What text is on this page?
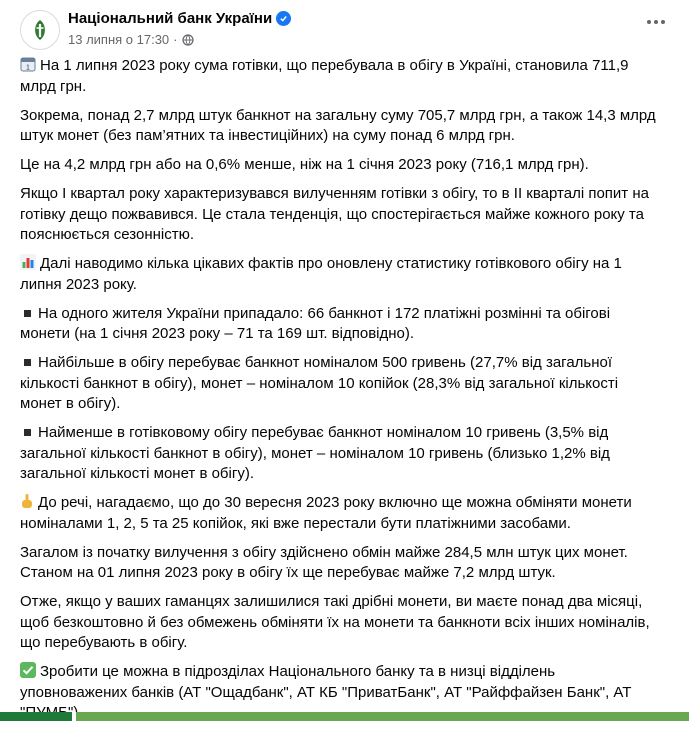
Національний банк України
13 липня о 17:30 ·

1 На 1 липня 2023 року сума готівки, що перебувала в обігу в Україні, становила 711,9 млрд грн.

Зокрема, понад 2,7 млрд штук банкнот на загальну суму 705,7 млрд грн, а також 14,3 млрд штук монет (без пам’ятних та інвестиційних) на суму понад 6 млрд грн.

Це на 4,2 млрд грн або на 0,6% менше, ніж на 1 січня 2023 року (716,1 млрд грн).

Якщо І квартал року характеризувався вилученням готівки з обігу, то в ІІ кварталі попит на готівку дещо пожвавився. Це стала тенденція, що спостерігається майже кожного року та пояснюється сезонністю.

Далі наводимо кілька цікавих фактів про оновлену статистику готівкового обігу на 1 липня 2023 року.

На одного жителя України припадало: 66 банкнот і 172 платіжні розмінні та обігові монети (на 1 січня 2023 року – 71 та 169 шт. відповідно).

Найбільше в обігу перебуває банкнот номіналом 500 гривень (27,7% від загальної кількості банкнот в обігу), монет – номіналом 10 копійок (28,3% від загальної кількості монет в обігу).

Найменше в готівковому обігу перебуває банкнот номіналом 10 гривень (3,5% від загальної кількості банкнот в обігу), монет – номіналом 10 гривень (близько 1,2% від загальної кількості монет в обігу).

До речі, нагадаємо, що до 30 вересня 2023 року включно ще можна обміняти монети номіналами 1, 2, 5 та 25 копійок, які вже перестали бути платіжними засобами.

Загалом із початку вилучення з обігу здійснено обмін майже 284,5 млн штук цих монет. Станом на 01 липня 2023 року в обігу їх ще перебуває майже 7,2 млрд штук.

Отже, якщо у ваших гаманцях залишилися такі дрібні монети, ви маєте понад два місяці, щоб безкоштовно й без обмежень обміняти їх на монети та банкноти всіх інших номіналів, що перебувають в обігу.

Зробити це можна в підрозділах Національного банку та в низці відділень уповноважених банків (АТ "Ощадбанк", АТ КБ "ПриватБанк", АТ "Райффайзен Банк", АТ
